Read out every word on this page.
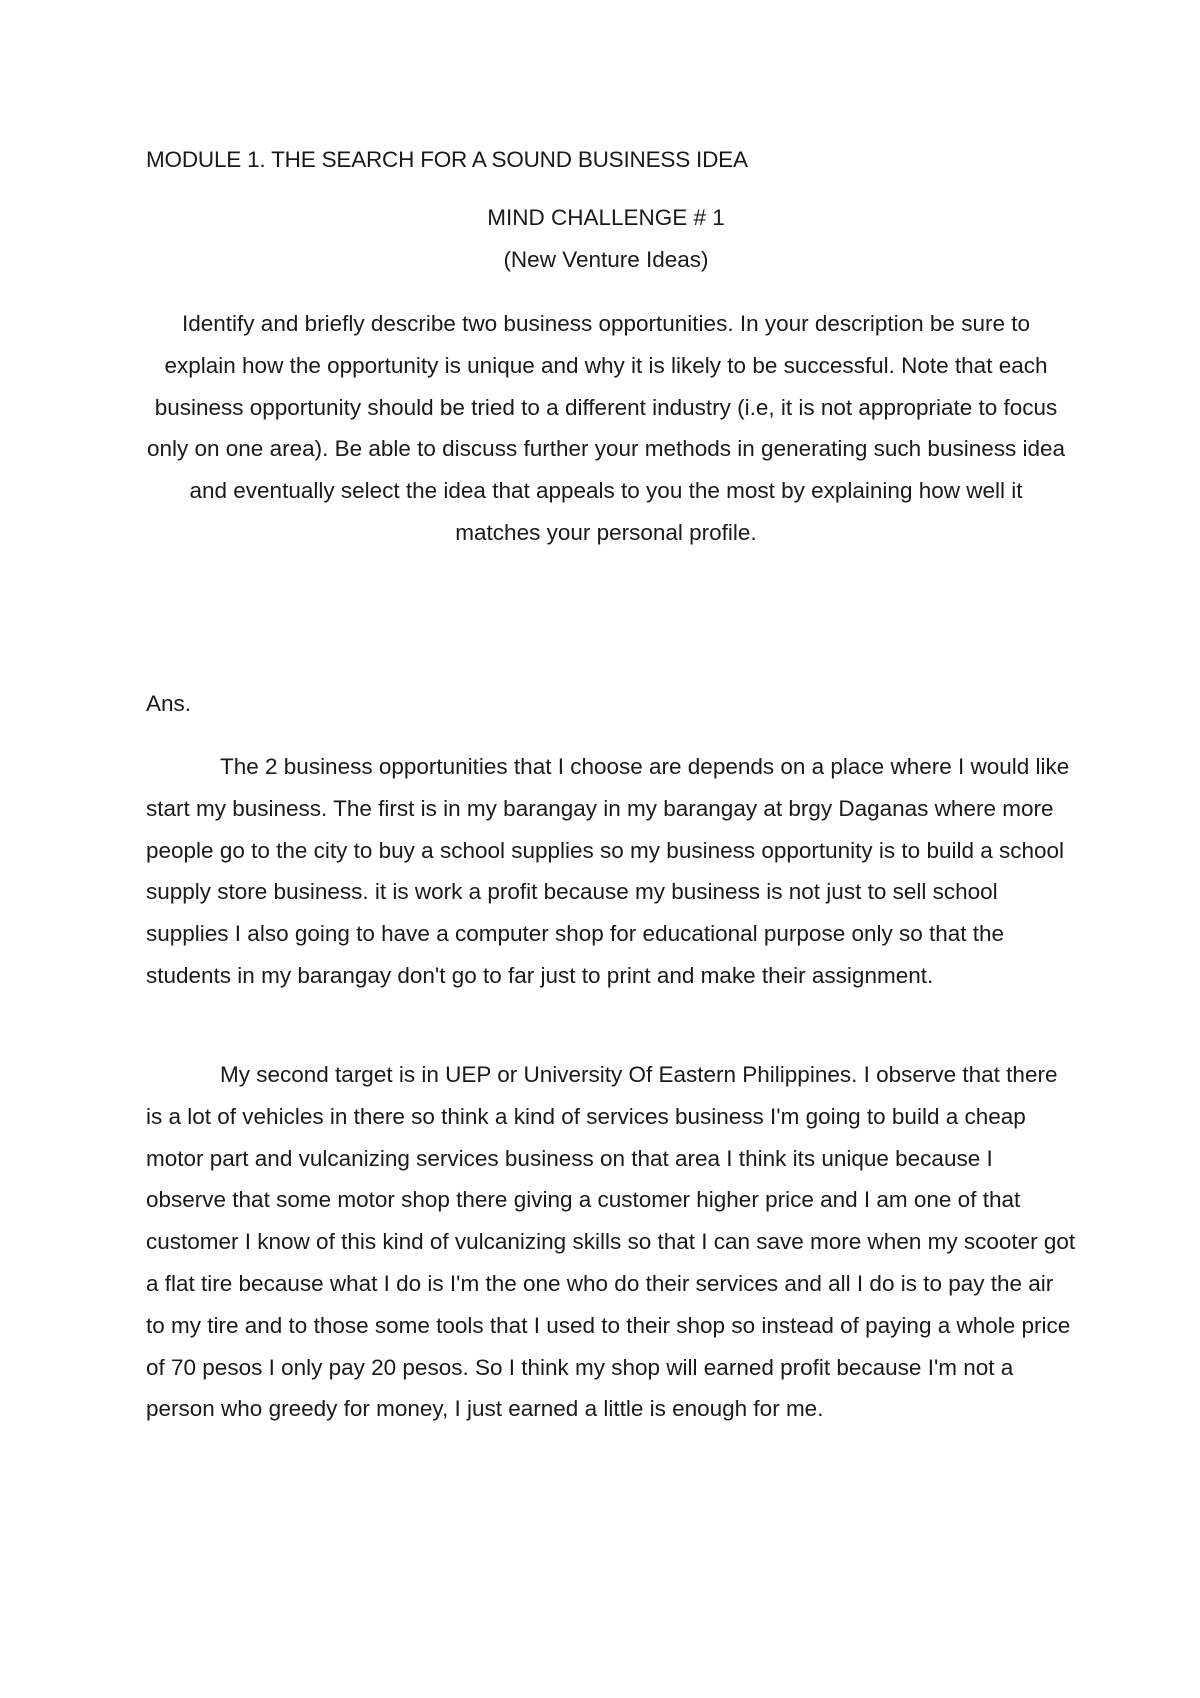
MODULE 1. THE SEARCH FOR A SOUND BUSINESS IDEA
MIND CHALLENGE # 1
(New Venture Ideas)

Identify and briefly describe two business opportunities. In your description be sure to explain how the opportunity is unique and why it is likely to be successful. Note that each business opportunity should be tried to a different industry (i.e, it is not appropriate to focus only on one area). Be able to discuss further your methods in generating such business idea and eventually select the idea that appeals to you the most by explaining how well it matches your personal profile.

Ans.

The 2 business opportunities that I choose are depends on a place where I would like start my business. The first is in my barangay in my barangay at brgy Daganas where more people go to the city to buy a school supplies so my business opportunity is to build a school supply store business. it is work a profit because my business is not just to sell school supplies I also going to have a computer shop for educational purpose only so that the students in my barangay don't go to far just to print and make their assignment.

My second target is in UEP or University Of Eastern Philippines. I observe that there is a lot of vehicles in there so think a kind of services business I'm going to build a cheap motor part and vulcanizing services business on that area I think its unique because I observe that some motor shop there giving a customer higher price and I am one of that customer I know of this kind of vulcanizing skills so that I can save more when my scooter got a flat tire because what I do is I'm the one who do their services and all I do is to pay the air to my tire and to those some tools that I used to their shop so instead of paying a whole price of 70 pesos I only pay 20 pesos. So I think my shop will earned profit because I'm not a person who greedy for money, I just earned a little is enough for me.
